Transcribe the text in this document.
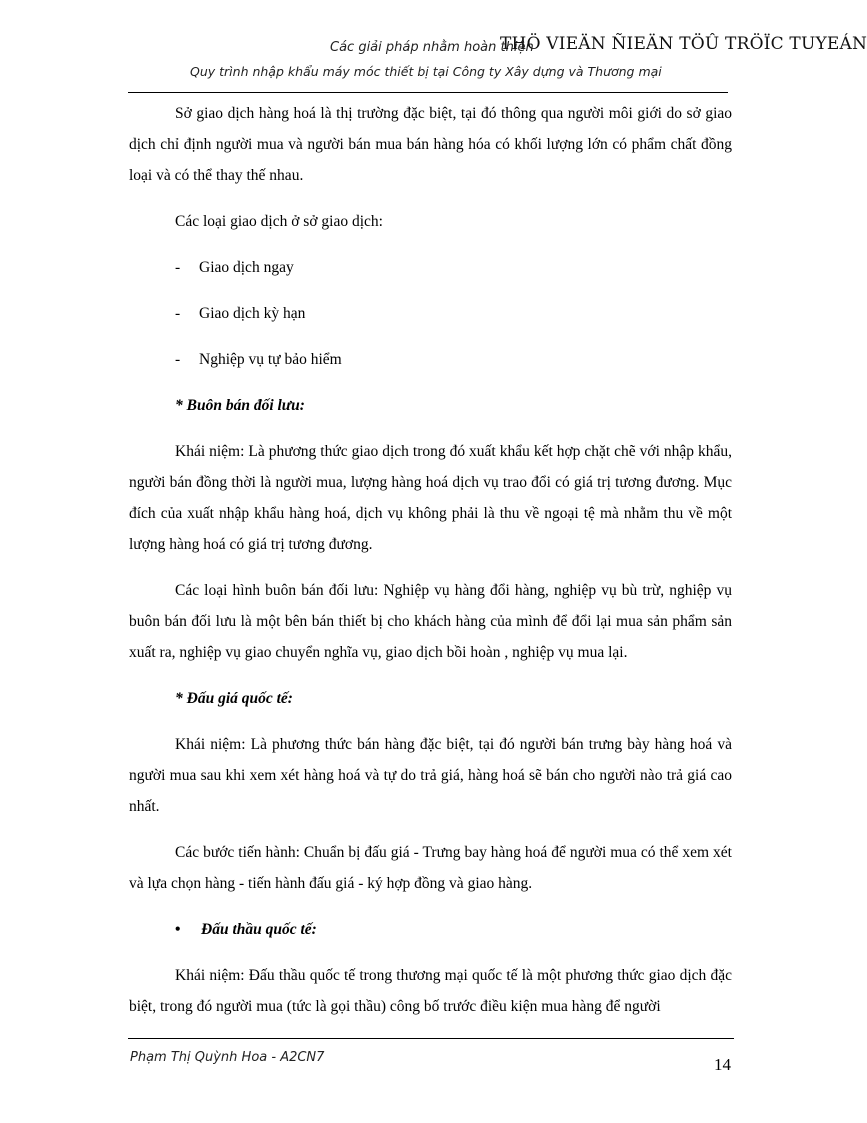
Các giải pháp nhằm hoàn thiện
THÖ VIEÄN ÑIEÄN TÖÛ TRÖÏC TUYEÁN
Quy trình nhập khẩu máy móc thiết bị tại Công ty Xây dựng và Thương mại

Sở giao dịch hàng hoá là thị trường đặc biệt, tại đó thông qua người môi giới do sở giao dịch chỉ định người mua và người bán mua bán hàng hóa có khối lượng lớn có phẩm chất đồng loại và có thể thay thế nhau.

Các loại giao dịch ở sở giao dịch:

- Giao dịch ngay

- Giao dịch kỳ hạn

- Nghiệp vụ tự bảo hiểm

* Buôn bán đối lưu:

Khái niệm: Là phương thức giao dịch trong đó xuất khẩu kết hợp chặt chẽ với nhập khẩu, người bán đồng thời là người mua, lượng hàng hoá dịch vụ trao đổi có giá trị tương đương. Mục đích của xuất nhập khẩu hàng hoá, dịch vụ không phải là thu về ngoại tệ mà nhằm thu về một lượng hàng hoá có giá trị tương đương.

Các loại hình buôn bán đối lưu: Nghiệp vụ hàng đổi hàng, nghiệp vụ bù trừ, nghiệp vụ buôn bán đối lưu là một bên bán thiết bị cho khách hàng của mình để đổi lại mua sản phẩm sản xuất ra, nghiệp vụ giao chuyển nghĩa vụ, giao dịch bồi hoàn , nghiệp vụ mua lại.

* Đấu giá quốc tế:

Khái niệm: Là phương thức bán hàng đặc biệt, tại đó người bán trưng bày hàng hoá và người mua sau khi xem xét hàng hoá và tự do trả giá, hàng hoá sẽ bán cho người nào trả giá cao nhất.

Các bước tiến hành: Chuẩn bị đấu giá - Trưng bay hàng hoá để người mua có thể xem xét và lựa chọn hàng - tiến hành đấu giá - ký hợp đồng và giao hàng.

• Đấu thầu quốc tế:

Khái niệm: Đấu thầu quốc tế trong thương mại quốc tế là một phương thức giao dịch đặc biệt, trong đó người mua (tức là gọi thầu) công bố trước điều kiện mua hàng để người

Phạm Thị Quỳnh Hoa - A2CN7	14
